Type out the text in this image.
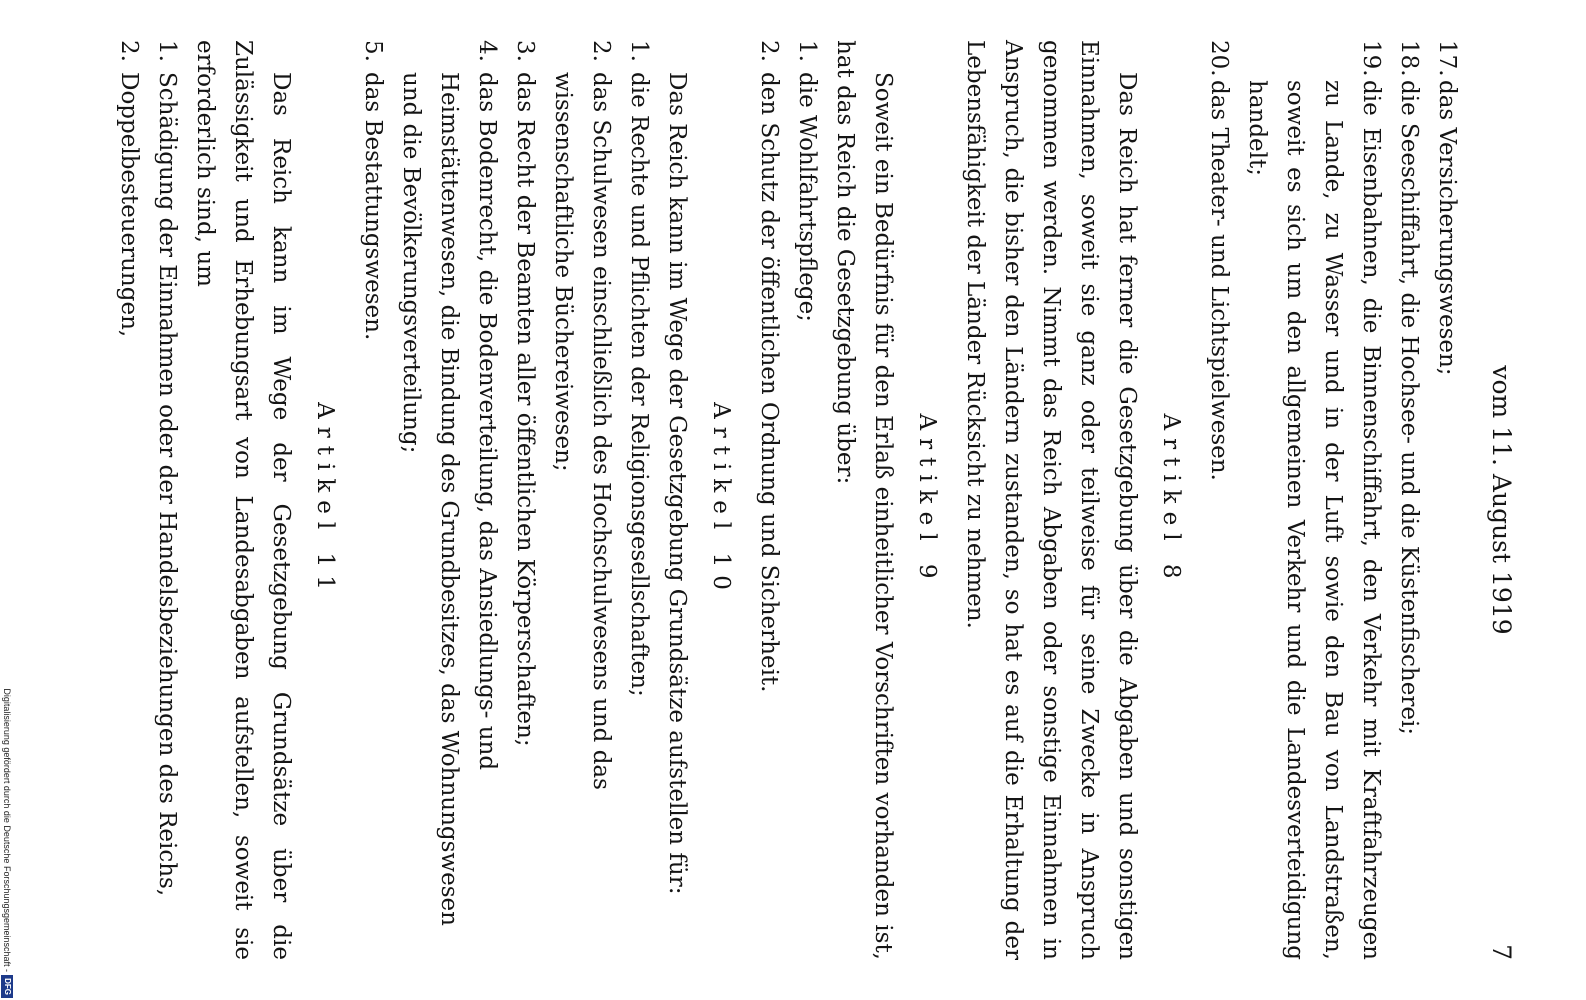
Digitalisierung gefördert durch die Deutsche Forschungsgemeinschaft -
DFG
vom 11. August 1919
7
17.das Versicherungswesen;
18.die Seeschiffahrt, die Hochsee- und die Küstenfischerei;
19.die Eisenbahnen, die Binnenschiffahrt, den Verkehr mit Kraftfahrzeugen zu Lande, zu Wasser und in der Luft sowie den Bau von Landstraßen, soweit es sich um den allgemeinen Verkehr und die Landesverteidigung handelt;
20.das Theater- und Lichtspielwesen.
Artikel 8
Das Reich hat ferner die Gesetzgebung über die Abgaben und sonstigen Einnahmen, soweit sie ganz oder teilweise für seine Zwecke in Anspruch genommen werden. Nimmt das Reich Abgaben oder sonstige Einnahmen in Anspruch, die bisher den Ländern zustanden, so hat es auf die Erhaltung der Lebensfähigkeit der Länder Rücksicht zu nehmen.
Artikel 9
Soweit ein Bedürfnis für den Erlaß einheitlicher Vorschriften vorhanden ist, hat das Reich die Gesetzgebung über:
1.die Wohlfahrtspflege;
2.den Schutz der öffentlichen Ordnung und Sicherheit.
Artikel 10
Das Reich kann im Wege der Gesetzgebung Grundsätze aufstellen für:
1.die Rechte und Pflichten der Religionsgesellschaften;
2.das Schulwesen einschließlich des Hochschulwesens und das wissenschaftliche Büchereiwesen;
3.das Recht der Beamten aller öffentlichen Körperschaften;
4.das Bodenrecht, die Bodenverteilung, das Ansiedlungs- und Heimstättenwesen, die Bindung des Grundbesitzes, das Wohnungswesen und die Bevölkerungsverteilung;
5.das Bestattungswesen.
Artikel 11
Das Reich kann im Wege der Gesetzgebung Grundsätze über die Zulässigkeit und Erhebungsart von Landesabgaben aufstellen, soweit sie erforderlich sind, um
1.Schädigung der Einnahmen oder der Handelsbeziehungen des Reichs,
2.Doppelbesteuerungen,
